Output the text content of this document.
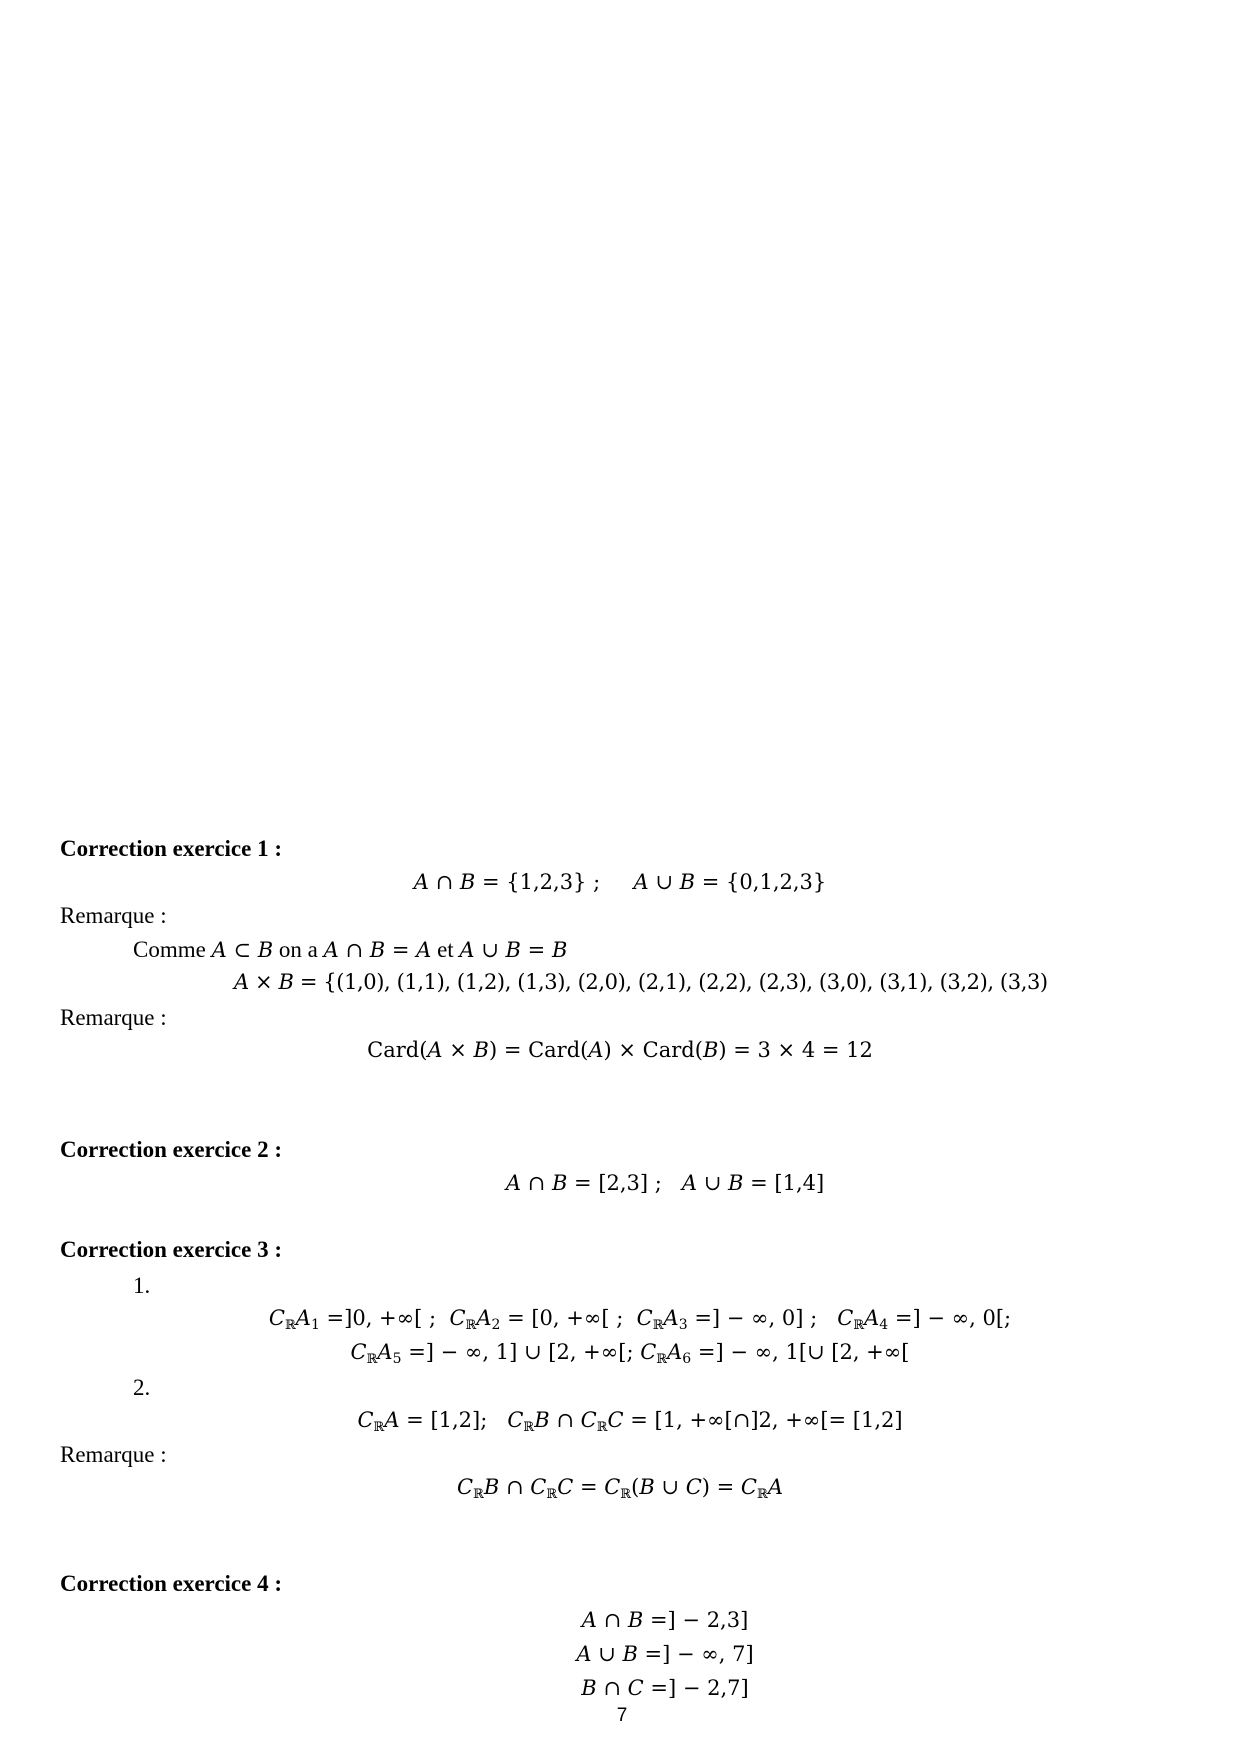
Correction exercice 1 :
A ∩ B = {1,2,3} ;     A ∪ B = {0,1,2,3}
Remarque :
Comme A ⊂ B on a A ∩ B = A et A ∪ B = B
A × B = {(1,0), (1,1), (1,2), (1,3), (2,0), (2,1), (2,2), (2,3), (3,0), (3,1), (3,2), (3,3)
Remarque :
Card(A × B) = Card(A) × Card(B) = 3 × 4 = 12
Correction exercice 2 :
A ∩ B = [2,3] ;   A ∪ B = [1,4]
Correction exercice 3 :
1.
CℝA$_1$ =]0, +∞[ ;  CℝA$_2$ = [0, +∞[ ;  CℝA$_3$ =] − ∞, 0] ;   CℝA$_4$ =] − ∞, 0[;
CℝA$_5$ =] − ∞, 1] ∪ [2, +∞[; CℝA$_6$ =] − ∞, 1[∪ [2, +∞[
2.
CℝA = [1,2];   CℝB ∩ CℝC = [1, +∞[∩]2, +∞[= [1,2]
Remarque :
CℝB ∩ CℝC = Cℝ(B ∪ C) = CℝA
Correction exercice 4 :
A ∩ B =] − 2,3]
A ∪ B =] − ∞, 7]
B ∩ C =] − 2,7]
7
